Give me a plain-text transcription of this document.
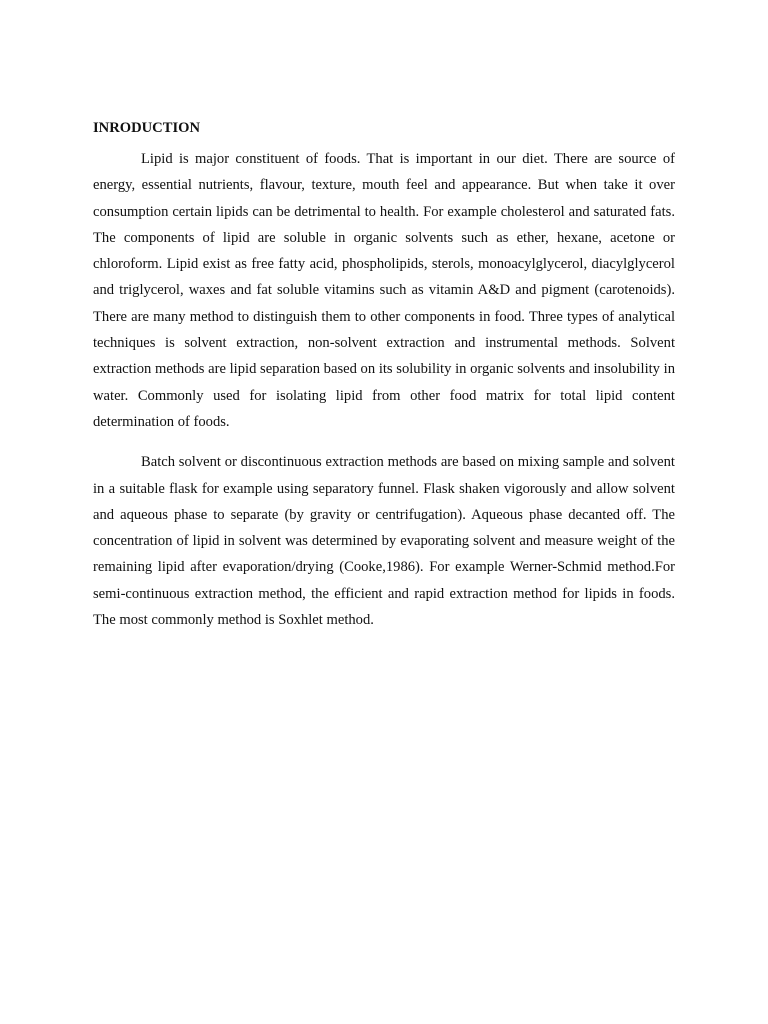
INRODUCTION

Lipid is major constituent of foods. That is important in our diet. There are source of energy, essential nutrients, flavour, texture, mouth feel and appearance. But when take it over consumption certain lipids can be detrimental to health. For example cholesterol and saturated fats. The components of lipid are soluble in organic solvents such as ether, hexane, acetone or chloroform. Lipid exist as free fatty acid, phospholipids, sterols, monoacylglycerol, diacylglycerol and triglycerol, waxes and fat soluble vitamins such as vitamin A&D and pigment (carotenoids). There are many method to distinguish them to other components in food. Three types of analytical techniques is solvent extraction, non-solvent extraction and instrumental methods. Solvent extraction methods are lipid separation based on its solubility in organic solvents and insolubility in water. Commonly used for isolating lipid from other food matrix for total lipid content determination of foods.

Batch solvent or discontinuous extraction methods are based on mixing sample and solvent in a suitable flask for example using separatory funnel. Flask shaken vigorously and allow solvent and aqueous phase to separate (by gravity or centrifugation). Aqueous phase decanted off. The concentration of lipid in solvent was determined by evaporating solvent and measure weight of the remaining lipid after evaporation/drying (Cooke,1986). For example Werner-Schmid method.For semi-continuous extraction method, the efficient and rapid extraction method for lipids in foods. The most commonly method is Soxhlet method.
